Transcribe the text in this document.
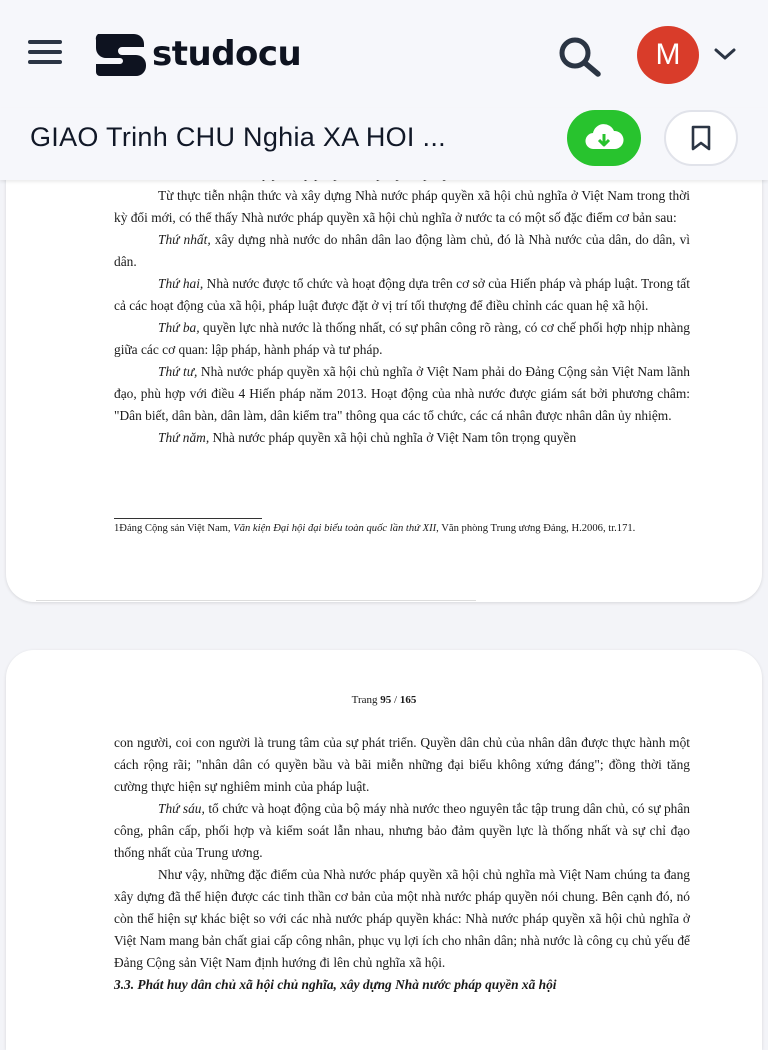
studocu	M
GIAO Trinh CHU Nghia XA HOI ...

Từ thực tiễn nhận thức và xây dựng Nhà nước pháp quyền xã hội chủ nghĩa ở Việt Nam trong thời kỳ đổi mới, có thể thấy Nhà nước pháp quyền xã hội chủ nghĩa ở nước ta có một số đặc điểm cơ bản sau:

Thứ nhất, xây dựng nhà nước do nhân dân lao động làm chủ, đó là Nhà nước của dân, do dân, vì dân.

Thứ hai, Nhà nước được tổ chức và hoạt động dựa trên cơ sở của Hiến pháp và pháp luật. Trong tất cả các hoạt động của xã hội, pháp luật được đặt ở vị trí tối thượng để điều chỉnh các quan hệ xã hội.

Thứ ba, quyền lực nhà nước là thống nhất, có sự phân công rõ ràng, có cơ chế phối hợp nhịp nhàng giữa các cơ quan: lập pháp, hành pháp và tư pháp.

Thứ tư, Nhà nước pháp quyền xã hội chủ nghĩa ở Việt Nam phải do Đảng Cộng sản Việt Nam lãnh đạo, phù hợp với điều 4 Hiến pháp năm 2013. Hoạt động của nhà nước được giám sát bởi phương châm: "Dân biết, dân bàn, dân làm, dân kiểm tra" thông qua các tổ chức, các cá nhân được nhân dân ủy nhiệm.

Thứ năm, Nhà nước pháp quyền xã hội chủ nghĩa ở Việt Nam tôn trọng quyền

1Đảng Cộng sản Việt Nam, Văn kiện Đại hội đại biểu toàn quốc lần thứ XII, Văn phòng Trung ương Đảng, H.2006, tr.171.
Trang 95 / 165

con người, coi con người là trung tâm của sự phát triển. Quyền dân chủ của nhân dân được thực hành một cách rộng rãi; "nhân dân có quyền bầu và bãi miễn những đại biểu không xứng đáng"; đồng thời tăng cường thực hiện sự nghiêm minh của pháp luật.

Thứ sáu, tổ chức và hoạt động của bộ máy nhà nước theo nguyên tắc tập trung dân chủ, có sự phân công, phân cấp, phối hợp và kiểm soát lẫn nhau, nhưng bảo đảm quyền lực là thống nhất và sự chỉ đạo thống nhất của Trung ương.

Như vậy, những đặc điểm của Nhà nước pháp quyền xã hội chủ nghĩa mà Việt Nam chúng ta đang xây dựng đã thể hiện được các tinh thần cơ bản của một nhà nước pháp quyền nói chung. Bên cạnh đó, nó còn thể hiện sự khác biệt so với các nhà nước pháp quyền khác: Nhà nước pháp quyền xã hội chủ nghĩa ở Việt Nam mang bản chất giai cấp công nhân, phục vụ lợi ích cho nhân dân; nhà nước là công cụ chủ yếu để Đảng Cộng sản Việt Nam định hướng đi lên chủ nghĩa xã hội.

3.3. Phát huy dân chủ xã hội chủ nghĩa, xây dựng Nhà nước pháp quyền xã hội
